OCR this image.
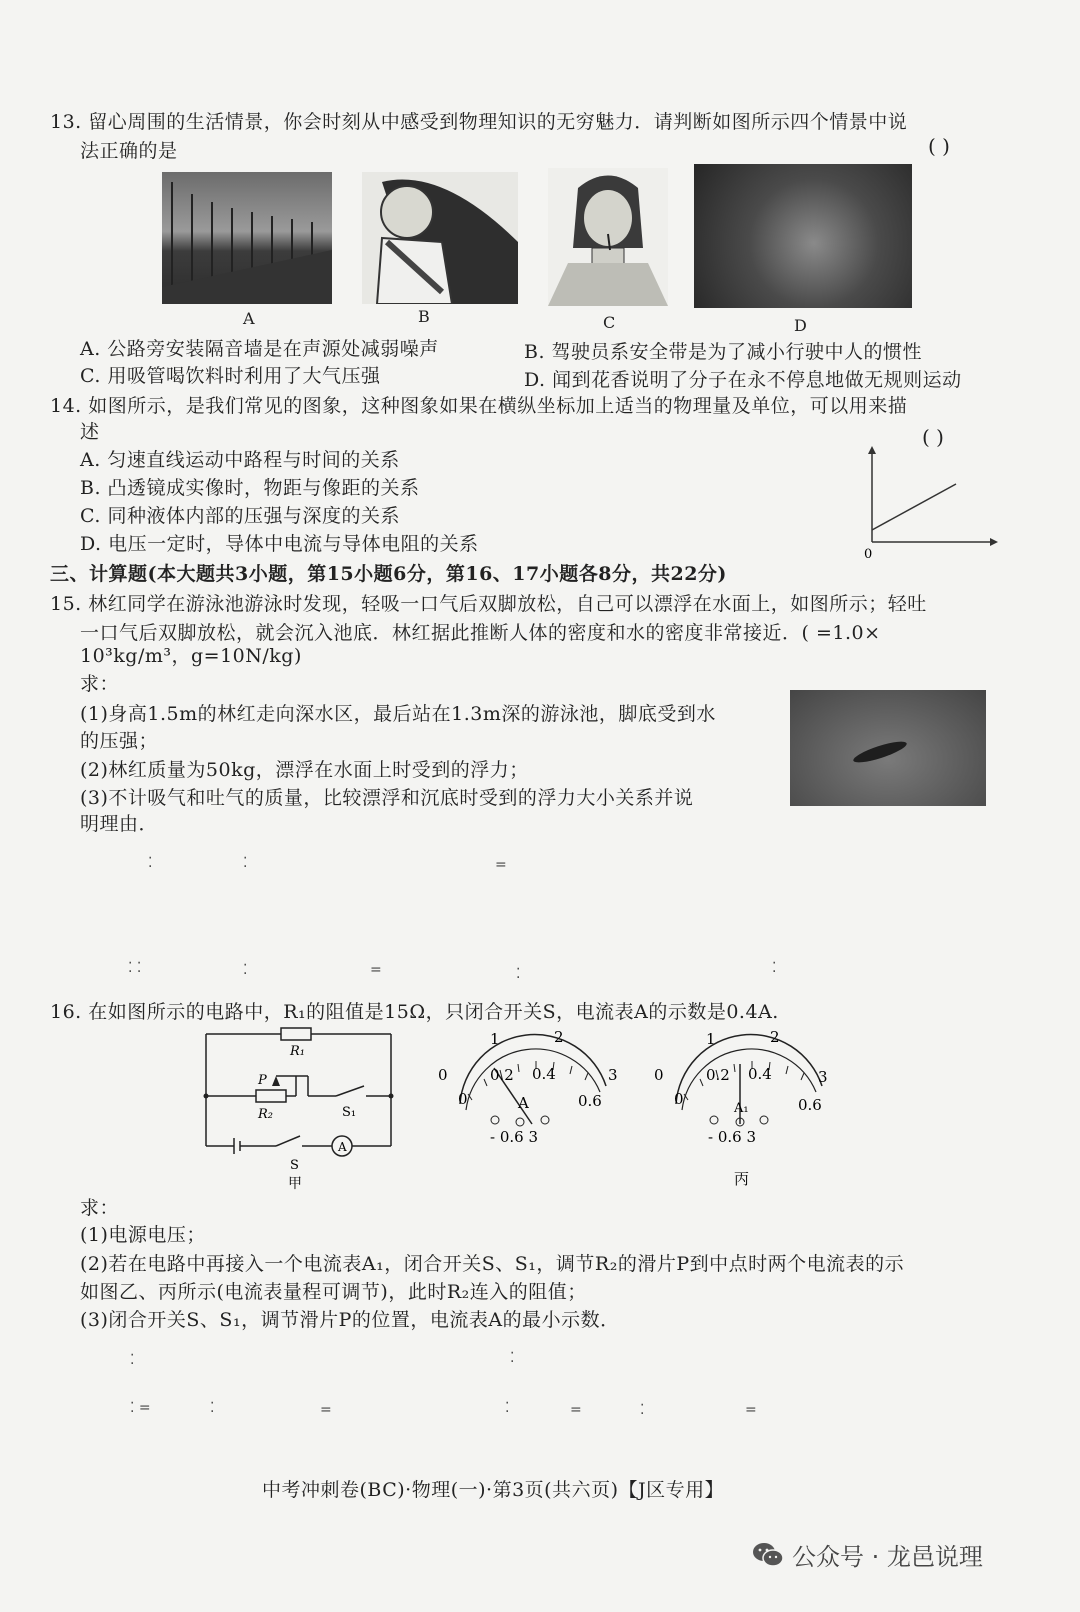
13. 留心周围的生活情景，你会时刻从中感受到物理知识的无穷魅力．请判断如图所示四个情景中说
法正确的是	( )
A	B	C	D
A. 公路旁安装隔音墙是在声源处减弱噪声	B. 驾驶员系安全带是为了减小行驶中人的惯性
C. 用吸管喝饮料时利用了大气压强	D. 闻到花香说明了分子在永不停息地做无规则运动
14. 如图所示，是我们常见的图象，这种图象如果在横纵坐标加上适当的物理量及单位，可以用来描
述	( )
A. 匀速直线运动中路程与时间的关系
B. 凸透镜成实像时，物距与像距的关系
C. 同种液体内部的压强与深度的关系
D. 电压一定时，导体中电流与导体电阻的关系	0
三、计算题(本大题共3小题，第15小题6分，第16、17小题各8分，共22分)
15. 林红同学在游泳池游泳时发现，轻吸一口气后双脚放松，自己可以漂浮在水面上，如图所示；轻吐
一口气后双脚放松，就会沉入池底．林红据此推断人体的密度和水的密度非常接近．( =1.0×
10³kg/m³，g=10N/kg)
求：
(1)身高1.5m的林红走向深水区，最后站在1.3m深的游泳池，脚底受到水
的压强；
(2)林红质量为50kg，漂浮在水面上时受到的浮力；
(3)不计吸气和吐气的质量，比较漂浮和沉底时受到的浮力大小关系并说
明理由．
⁚	⁚	=
⁚ ⁚	⁚	=	⁚	⁚
16. 在如图所示的电路中，R₁的阻值是15Ω，只闭合开关S，电流表A的示数是0.4A.
R₁
R₂
P
S₁
A
S
甲
0
1	2
3
0
0.2 0.4
0.6
A
- 0.6 3
0
1	2
3
0
0.2 0.4
0.6
A₁
- 0.6 3
丙
求：
(1)电源电压；
(2)若在电路中再接入一个电流表A₁，闭合开关S、S₁，调节R₂的滑片P到中点时两个电流表的示
如图乙、丙所示(电流表量程可调节)，此时R₂连入的阻值；
(3)闭合开关S、S₁，调节滑片P的位置，电流表A的最小示数．
⁚	⁚
⁚ =	⁚	=	⁚	=	⁚	=
中考冲刺卷(BC)·物理(一)·第3页(共六页)【J区专用】
公众号 · 龙邑说理
